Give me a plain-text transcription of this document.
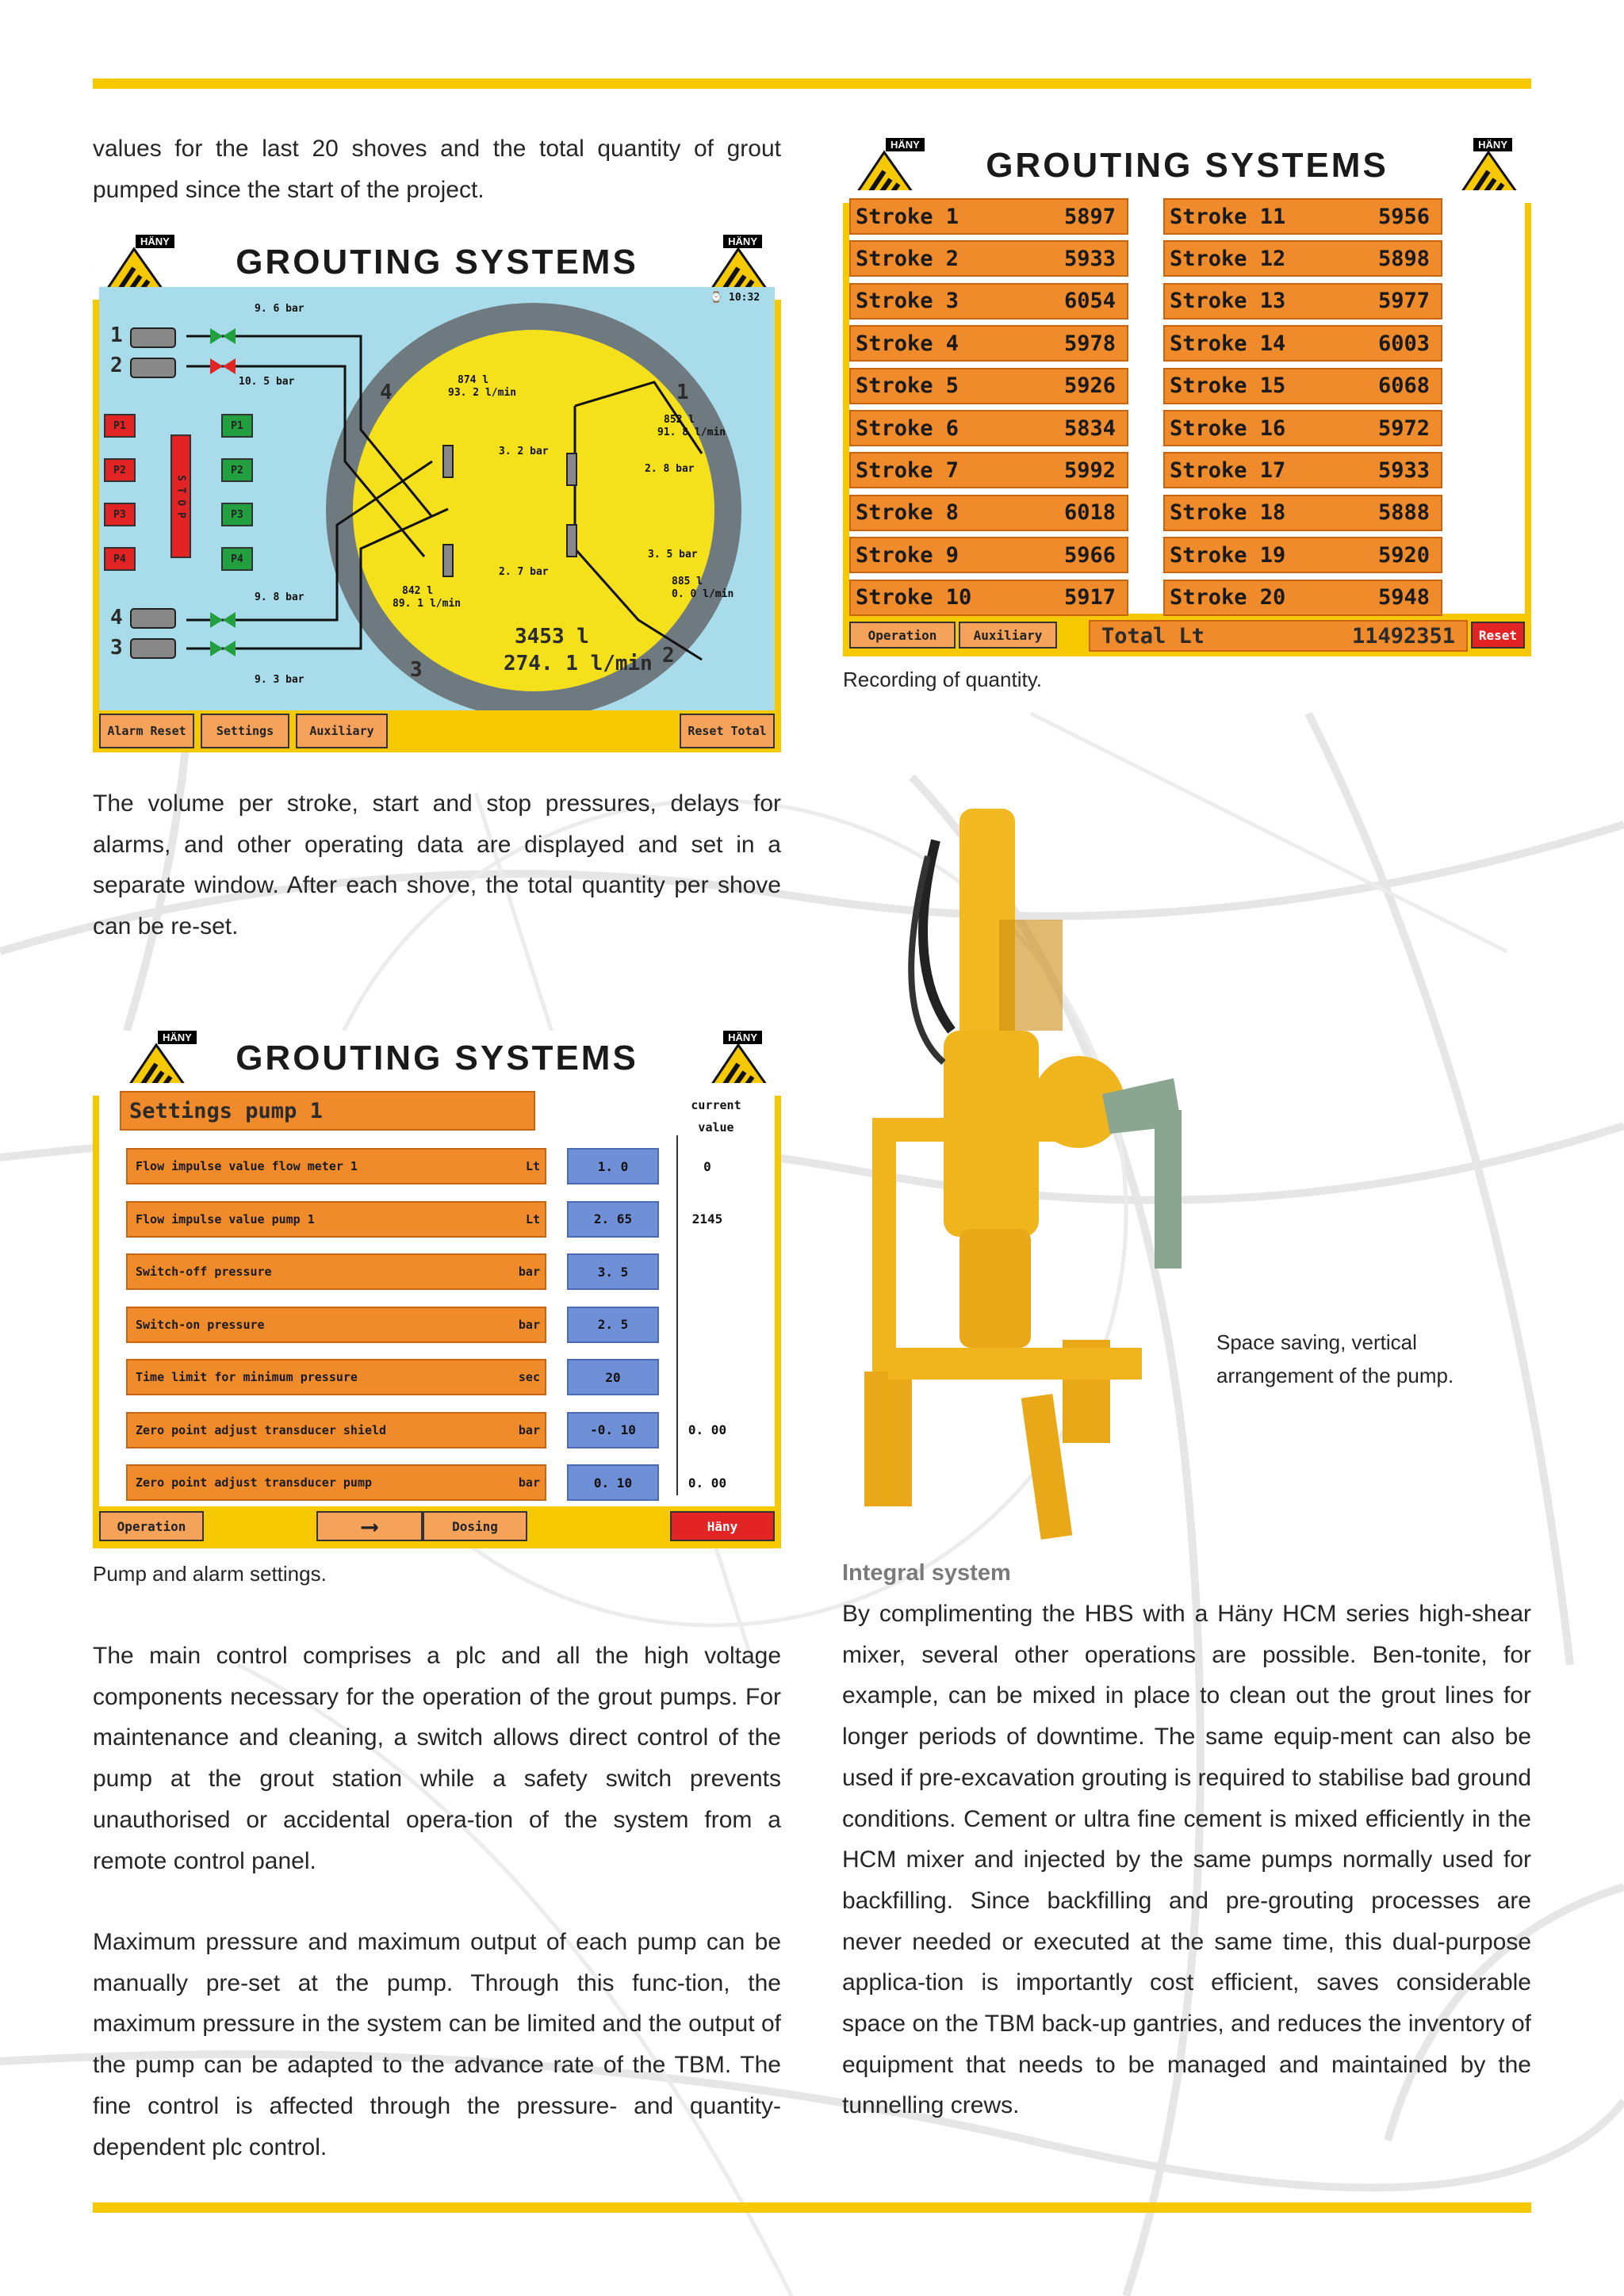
values for the last 20 shoves and the total quantity of grout pumped since the start of the project.

HÄNY
GROUTING SYSTEMS
HÄNY
⌚ 10:32
9. 6 bar
10. 5 bar
9. 8 bar
9. 3 bar
1
2
4
3
P1
P2
P3
P4
S T O P
P1
P2
P3
P4
4	1
3
2
874 l
93. 2 l/min
852 l
91. 8 l/min
842 l
89. 1 l/min
885 l
0. 0 l/min
3. 2 bar
2. 8 bar
3. 5 bar
2. 7 bar
3453 l
274. 1 l/min
Alarm Reset	Settings	Auxiliary	Reset Total

The volume per stroke, start and stop pressures, delays for alarms, and other operating data are displayed and set in a separate window. After each shove, the total quantity per shove can be re-set.

HÄNY
GROUTING SYSTEMS
HÄNY
Settings pump 1	current value
Flow impulse value flow meter 1	Lt	1. 0	0
Flow impulse value pump 1	Lt	2. 65	2145
Switch-off pressure	bar	3. 5
Switch-on pressure	bar	2. 5
Time limit for minimum pressure	sec	20
Zero point adjust transducer shield	bar	-0. 10	0. 00
Zero point adjust transducer pump	bar	0. 10	0. 00
Operation	⟶	Dosing	Häny
Pump and alarm settings.

The main control comprises a plc and all the high voltage components necessary for the operation of the grout pumps. For maintenance and cleaning, a switch allows direct control of the pump at the grout station while a safety switch prevents unauthorised or accidental opera-tion of the system from a remote control panel.

Maximum pressure and maximum output of each pump can be manually pre-set at the pump. Through this func-tion, the maximum pressure in the system can be limited and the output of the pump can be adapted to the advance rate of the TBM. The fine control is affected through the pressure- and quantity-dependent plc control.

HÄNY
GROUTING SYSTEMS
HÄNY
Stroke 1	5897
Stroke 2	5933
Stroke 3	6054
Stroke 4	5978
Stroke 5	5926
Stroke 6	5834
Stroke 7	5992
Stroke 8	6018
Stroke 9	5966
Stroke 10	5917
Stroke 11	5956
Stroke 12	5898
Stroke 13	5977
Stroke 14	6003
Stroke 15	6068
Stroke 16	5972
Stroke 17	5933
Stroke 18	5888
Stroke 19	5920
Stroke 20	5948
Operation	Auxiliary	Total Lt	11492351	Reset
Recording of quantity.
Space saving, vertical arrangement of the pump.
Integral system

By complimenting the HBS with a Häny HCM series high-shear mixer, several other operations are possible. Ben-tonite, for example, can be mixed in place to clean out the grout lines for longer periods of downtime. The same equip-ment can also be used if pre-excavation grouting is required to stabilise bad ground conditions. Cement or ultra fine cement is mixed efficiently in the HCM mixer and injected by the same pumps normally used for backfilling. Since backfilling and pre-grouting processes are never needed or executed at the same time, this dual-purpose applica-tion is importantly cost efficient, saves considerable space on the TBM back-up gantries, and reduces the inventory of equipment that needs to be managed and maintained by the tunnelling crews.
